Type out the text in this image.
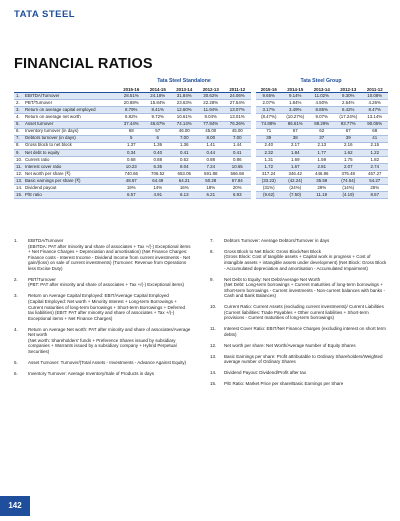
TATA STEEL
FINANCIAL RATIOS
Tata Steel Standalone	Tata Steel Group
		2015-16	2014-15	2013-14	2012-13	2011-12		2015-16	2014-15	2013-14	2012-13	2011-12
1.	EBITDA/Turnover	28.51%	24.18%	31.84%	30.62%	24.06%		9.65%	9.14%	11.02%	9.30%	10.08%
2.	PBT/Turnover	20.88%	15.84%	23.63%	22.28%	27.54%		2.07%	1.84%	4.50%	2.64%	4.26%
3.	Return on average capital employed	8.79%	8.41%	12.60%	11.94%	13.07%		3.17%	3.49%	8.85%	6.42%	8.47%
4.	Return on average net worth	6.82%	9.72%	10.61%	9.04%	13.01%		(8.47%)	(10.27%)	9.07%	(17.24%)	13.14%
5.	Asset turnover	37.44%	46.67%	74.14%	77.84%	76.26%		74.88%	86.61%	89.29%	93.77%	90.05%
6.	Inventory turnover (in days)	68	57	46.00	45.00	45.00		71	67	62	67	68
7.	Debtors turnover (in days)	5	6	7.00	8.00	7.00		39	38	37	39	41
8.	Gross block to net block	1.37	1.36	1.36	1.41	1.44		2.40	2.17	2.13	2.16	2.15
9.	Net debt to equity	0.34	0.40	0.41	0.44	0.41		2.32	1.84	1.77	1.62	1.22
10.	Current ratio	0.68	0.88	0.62	0.88	0.86		1.31	1.69	1.59	1.75	1.82
11.	Interest cover ratio	10.23	6.35	8.04	7.24	10.65		1.72	1.67	2.81	2.07	2.74
12.	Net worth per share (₹)	740.66	706.52	653.05	591.88	566.68		317.24	346.42	446.86	375.48	467.27
13.	Basic earnings per share (₹)	48.67	64.49	64.21	50.28	67.84		(33.23)	(42.24)	35.59	(74.54)	54.27
14.	Dividend payout	19%	14%	16%	18%	20%		(31%)	(24%)	29%	(14%)	25%
15.	P/E ratio	6.57	4.91	6.13	6.21	6.93		(9.62)	(7.50)	11.19	(4.19)	8.67
1.	EBITDA/Turnover
(EBITDA: PAT after minority and share of associates + Tax +/(-) Exceptional items + Net Finance Charges + Depreciation and amortisation) (Net Finance Charges: Finance costs - Interest Income - Dividend Income from current investments - Net gain/(loss) on sale of current investments) (Turnover: Revenue from Operations less Excise Duty)
2.	PBT/Turnover
(PBT: PAT after minority and share of associates + Tax +/(-) Exceptional items)
3.	Return on Average Capital Employed: EBIT/Average Capital Employed
(Capital Employed: Net worth + Minority Interest + Long-term Borrowings + Current maturities of long-term borrowings + Short-term Borrowings + Deferred tax liabilities) (EBIT: PAT after minority and share of associates + Tax +/(-) Exceptional items + Net Finance Charges)
4.	Return on Average Net worth: PAT after minority and share of associates/Average Net worth
(Net worth: Shareholders' funds + Preference Shares issued by subsidiary companies + Warrants issued by a subsidiary company + Hybrid Perpetual Securities)
5.	Asset Turnover: Turnover/(Total Assets - Investments - Advance Against Equity)
6.	Inventory Turnover: Average Inventory/Sale of Products in days
7.	Debtors Turnover: Average Debtors/Turnover in days
8.	Gross Block to Net Block: Gross Block/Net Block
(Gross Block: Cost of tangible assets + Capital work in progress + Cost of intangible assets + intangible assets under development) (Net Block: Gross Block - Accumulated depreciation and amortisation - Accumulated Impairment)
9.	Net Debt to Equity: Net Debt/Average Net Worth
(Net Debt: Long-term borrowings + Current maturities of long-term borrowings + Short-term borrowings - Current investments - Non-current balances with banks - Cash and Bank Balances)
10.	Current Ratio: Current Assets (excluding current investments)/ Current Liabilities
(Current liabilities: Trade Payables + Other current liabilities + Short-term provisions - Current maturities of long-term borrowings)
11.	Interest Cover Ratio: EBIT/Net Finance Charges (excluding interest on short term debts)
12.	Net worth per share: Net Worth/Average Number of Equity Shares
13.	Basic Earnings per share: Profit attributable to Ordinary Shareholders/Weighted average number of Ordinary Shares
14.	Dividend Payout: Dividend/Profit after tax
15.	P/E Ratio: Market Price per share/Basic Earnings per Share
142
